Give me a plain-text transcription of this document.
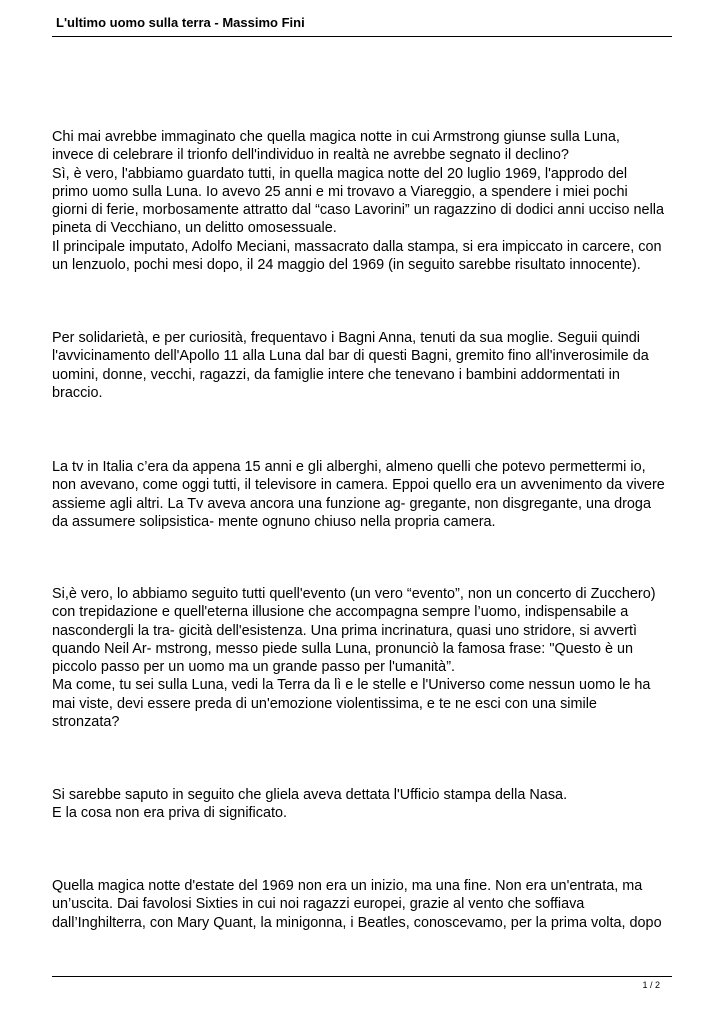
L'ultimo uomo sulla terra - Massimo Fini
Chi mai avrebbe immaginato che quella magica notte in cui Armstrong giunse sulla Luna,
invece di celebrare il trionfo dell'individuo in realtà ne avrebbe segnato il declino?
Sì, è vero, l'abbiamo guardato tutti, in quella magica notte del 20 luglio 1969, l'approdo del
primo uomo sulla Luna. Io avevo 25 anni e mi trovavo a Viareggio, a spendere i miei pochi
giorni di ferie, morbosamente attratto dal “caso Lavorini” un ragazzino di dodici anni ucciso nella
pineta di Vecchiano, un delitto omosessuale.
Il principale imputato, Adolfo Meciani, massacrato dalla stampa, si era impiccato in carcere, con
un lenzuolo, pochi mesi dopo, il 24 maggio del 1969 (in seguito sarebbe risultato innocente).
Per solidarietà, e per curiosità, frequentavo i Bagni Anna, tenuti da sua moglie. Seguii quindi
l'avvicinamento dell'Apollo 11 alla Luna dal bar di questi Bagni, gremito fino all'inverosimile da
uomini, donne, vecchi, ragazzi, da famiglie intere che tenevano i bambini addormentati in
braccio.
La tv in Italia c’era da appena 15 anni e gli alberghi, almeno quelli che potevo permettermi io,
non avevano, come oggi tutti, il televisore in camera. Eppoi quello era un avvenimento da vivere
assieme agli altri. La Tv aveva ancora una funzione ag- gregante, non disgregante, una droga
da assumere solipsistica- mente ognuno chiuso nella propria camera.
Si,è vero, lo abbiamo seguito tutti quell'evento (un vero “evento”, non un concerto di Zucchero)
con trepidazione e quell'eterna illusione che accompagna sempre l’uomo, indispensabile a
nascondergli la tra- gicità dell'esistenza. Una prima incrinatura, quasi uno stridore, si avvertì
quando Neil Ar- mstrong, messo piede sulla Luna, pronunciò la famosa frase: "Questo è un
piccolo passo per un uomo ma un grande passo per l'umanità”.
Ma come, tu sei sulla Luna, vedi la Terra da lì e le stelle e l'Universo come nessun uomo le ha
mai viste, devi essere preda di un'emozione violentissima, e te ne esci con una simile
stronzata?
Si sarebbe saputo in seguito che gliela aveva dettata l'Ufficio stampa della Nasa.
E la cosa non era priva di significato.
Quella magica notte d'estate del 1969 non era un inizio, ma una fine. Non era un'entrata, ma
un’uscita. Dai favolosi Sixties in cui noi ragazzi europei, grazie al vento che soffiava
dall’Inghilterra, con Mary Quant, la minigonna, i Beatles, conoscevamo, per la prima volta, dopo
1 / 2
